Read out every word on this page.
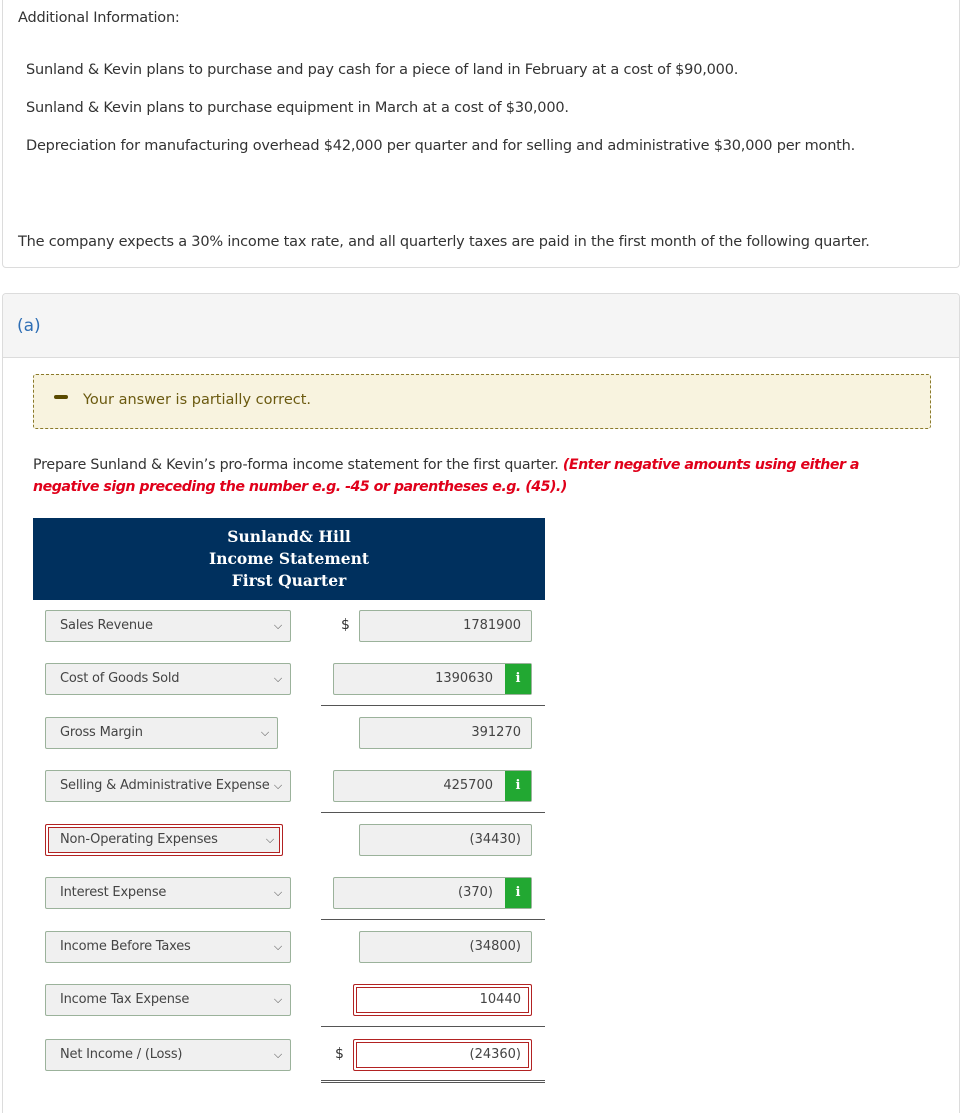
Additional Information:
Sunland & Kevin plans to purchase and pay cash for a piece of land in February at a cost of $90,000.
Sunland & Kevin plans to purchase equipment in March at a cost of $30,000.
Depreciation for manufacturing overhead $42,000 per quarter and for selling and administrative $30,000 per month.
The company expects a 30% income tax rate, and all quarterly taxes are paid in the first month of the following quarter.
(a)
Your answer is partially correct.
Prepare Sunland & Kevin’s pro-forma income statement for the first quarter. (Enter negative amounts using either a negative sign preceding the number e.g. -45 or parentheses e.g. (45).)
Sunland& Hill
Income Statement
First Quarter
Sales Revenue	⌵	$	1781900
Cost of Goods Sold	⌵	1390630	i
Gross Margin	⌵	391270
Selling & Administrative Expense ⌵	425700	i
Non-Operating Expenses	⌵	(34430)
Interest Expense	⌵	(370)	i
Income Before Taxes	⌵	(34800)
Income Tax Expense	⌵	10440
Net Income / (Loss)	⌵	$	(24360)
